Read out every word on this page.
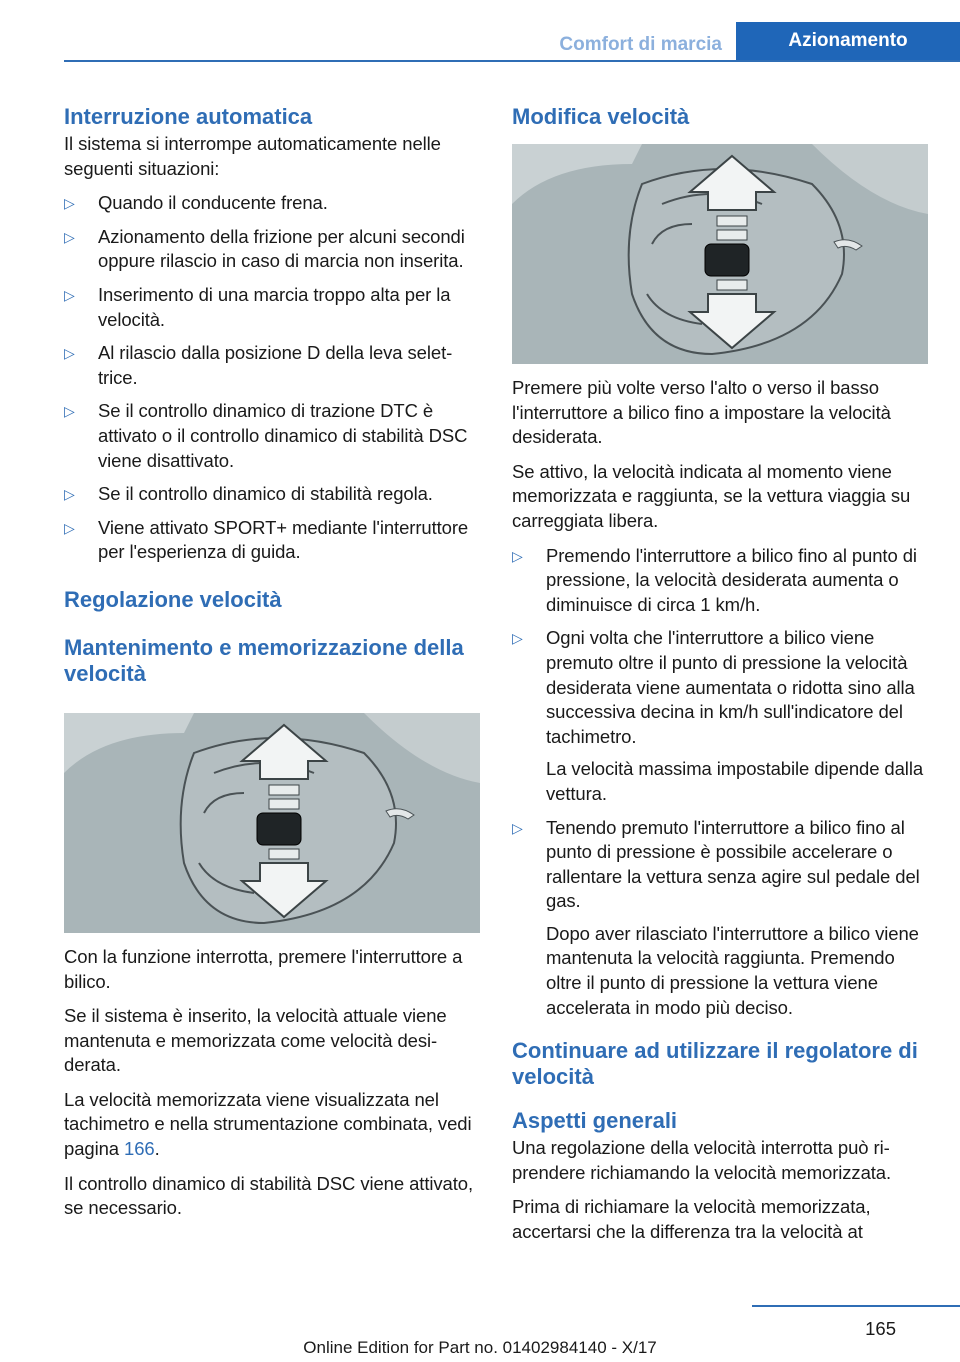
Comfort di marcia	Azionamento
Interruzione automatica

Il sistema si interrompe automaticamente nelle seguenti situazioni:

▷ Quando il conducente frena.
▷ Azionamento della frizione per alcuni secondi oppure rilascio in caso di marcia non inserita.
▷ Inserimento di una marcia troppo alta per la velocità.
▷ Al rilascio dalla posizione D della leva selettrice.
▷ Se il controllo dinamico di trazione DTC è attivato o il controllo dinamico di stabilità DSC viene disattivato.
▷ Se il controllo dinamico di stabilità regola.
▷ Viene attivato SPORT+ mediante l'interruttore per l'esperienza di guida.
Regolazione velocità
Mantenimento e memorizzazione della velocità

Con la funzione interrotta, premere l'interruttore a bilico.

Se il sistema è inserito, la velocità attuale viene mantenuta e memorizzata come velocità desiderata.

La velocità memorizzata viene visualizzata nel tachimetro e nella strumentazione combinata, vedi pagina 166.

Il controllo dinamico di stabilità DSC viene attivato, se necessario.

Modifica velocità

Premere più volte verso l'alto o verso il basso l'interruttore a bilico fino a impostare la velocità desiderata.

Se attivo, la velocità indicata al momento viene memorizzata e raggiunta, se la vettura viaggia su carreggiata libera.

▷ Premendo l'interruttore a bilico fino al punto di pressione, la velocità desiderata aumenta o diminuisce di circa 1 km/h.
▷ Ogni volta che l'interruttore a bilico viene premuto oltre il punto di pressione la velocità desiderata viene aumentata o ridotta sino alla successiva decina in km/h sull'indicatore del tachimetro.
La velocità massima impostabile dipende dalla vettura.
▷ Tenendo premuto l'interruttore a bilico fino al punto di pressione è possibile accelerare o rallentare la vettura senza agire sul pedale del gas.
Dopo aver rilasciato l'interruttore a bilico viene mantenuta la velocità raggiunta. Premendo oltre il punto di pressione la vettura viene accelerata in modo più deciso.
Continuare ad utilizzare il regolatore di velocità
Aspetti generali

Una regolazione della velocità interrotta può riprendere richiamando la velocità memorizzata.

Prima di richiamare la velocità memorizzata, accertarsi che la differenza tra la velocità at

165
Online Edition for Part no. 01402984140 - X/17
